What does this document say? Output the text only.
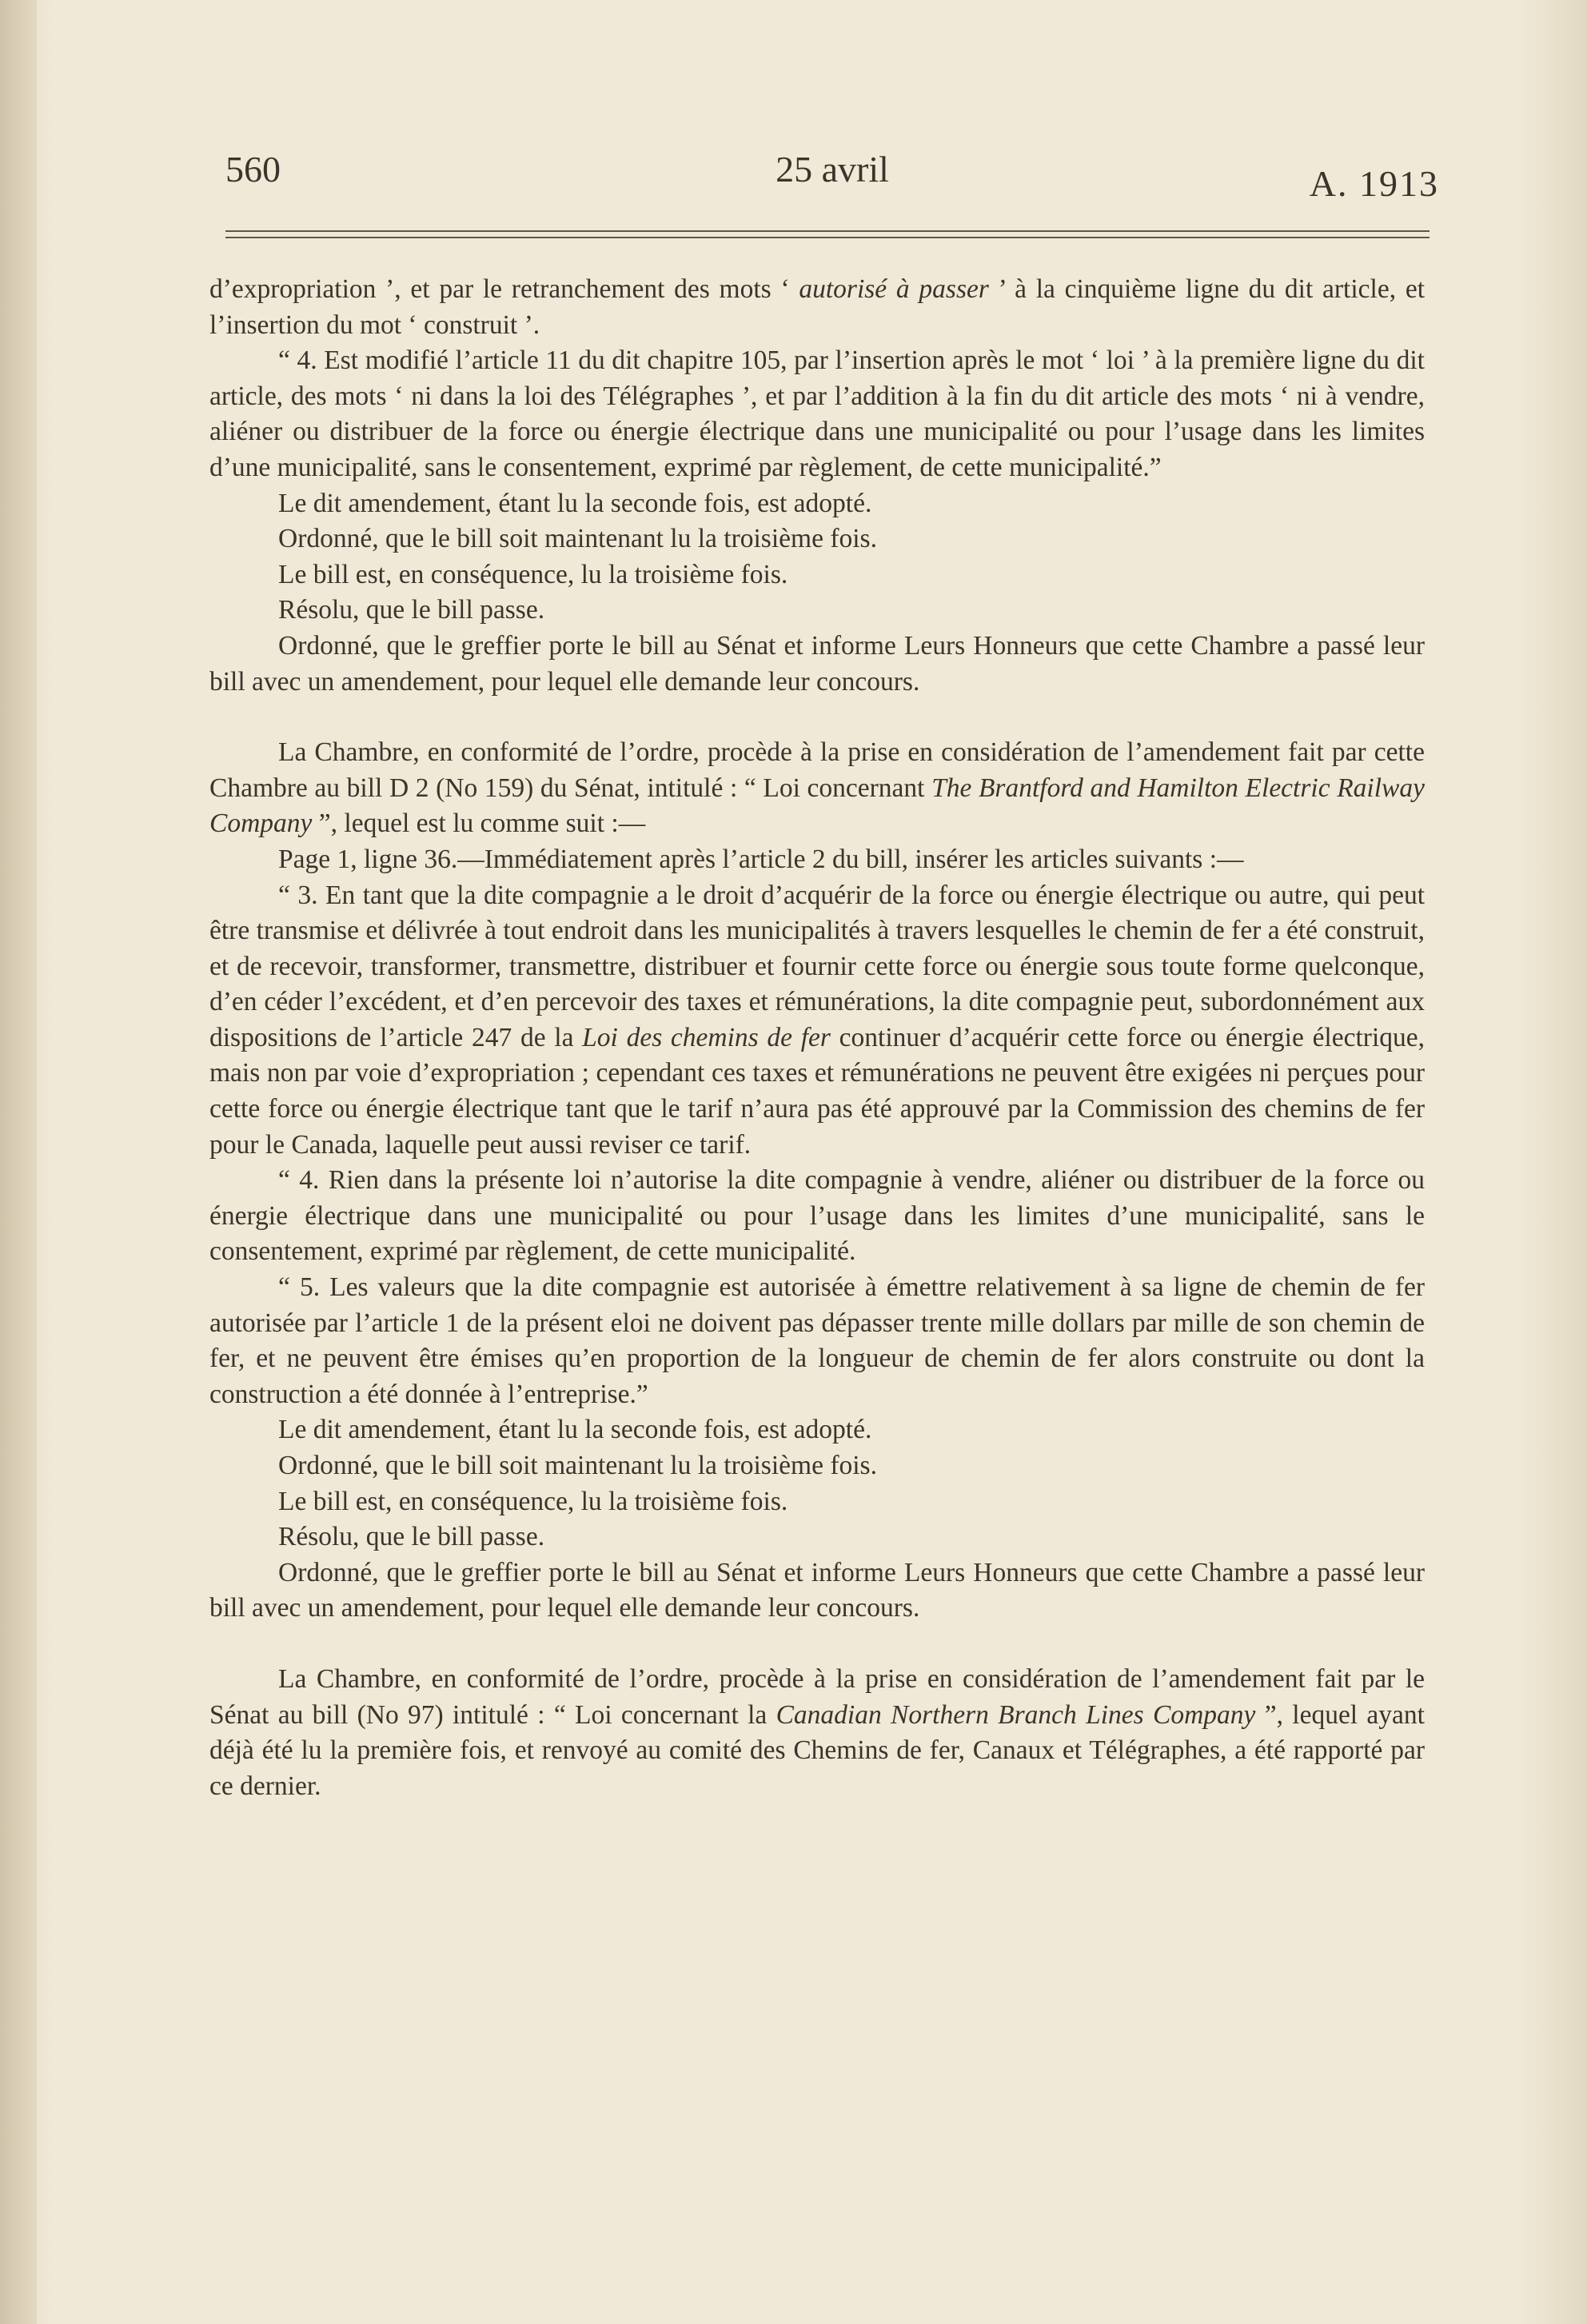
560	25 avril	A. 1913

d’expropriation ’, et par le retranchement des mots ‘ autorisé à passer ’ à la cinquième ligne du dit article, et l’insertion du mot ‘ construit ’.

“ 4. Est modifié l’article 11 du dit chapitre 105, par l’insertion après le mot ‘ loi ’ à la première ligne du dit article, des mots ‘ ni dans la loi des Télégraphes ’, et par l’addition à la fin du dit article des mots ‘ ni à vendre, aliéner ou distribuer de la force ou énergie électrique dans une municipalité ou pour l’usage dans les limites d’une municipalité, sans le consentement, exprimé par règlement, de cette municipalité.”

Le dit amendement, étant lu la seconde fois, est adopté.

Ordonné, que le bill soit maintenant lu la troisième fois.

Le bill est, en conséquence, lu la troisième fois.

Résolu, que le bill passe.

Ordonné, que le greffier porte le bill au Sénat et informe Leurs Honneurs que cette Chambre a passé leur bill avec un amendement, pour lequel elle demande leur concours.

La Chambre, en conformité de l’ordre, procède à la prise en considération de l’amendement fait par cette Chambre au bill D 2 (No 159) du Sénat, intitulé : “ Loi concernant The Brantford and Hamilton Electric Railway Company ”, lequel est lu comme suit :—

Page 1, ligne 36.—Immédiatement après l’article 2 du bill, insérer les articles suivants :—

“ 3. En tant que la dite compagnie a le droit d’acquérir de la force ou énergie électrique ou autre, qui peut être transmise et délivrée à tout endroit dans les municipalités à travers lesquelles le chemin de fer a été construit, et de recevoir, transformer, transmettre, distribuer et fournir cette force ou énergie sous toute forme quelconque, d’en céder l’excédent, et d’en percevoir des taxes et rémunérations, la dite compagnie peut, subordonnément aux dispositions de l’article 247 de la Loi des chemins de fer continuer d’acquérir cette force ou énergie électrique, mais non par voie d’expropriation ; cependant ces taxes et rémunérations ne peuvent être exigées ni perçues pour cette force ou énergie électrique tant que le tarif n’aura pas été approuvé par la Commission des chemins de fer pour le Canada, laquelle peut aussi reviser ce tarif.

“ 4. Rien dans la présente loi n’autorise la dite compagnie à vendre, aliéner ou distribuer de la force ou énergie électrique dans une municipalité ou pour l’usage dans les limites d’une municipalité, sans le consentement, exprimé par règlement, de cette municipalité.

“ 5. Les valeurs que la dite compagnie est autorisée à émettre relativement à sa ligne de chemin de fer autorisée par l’article 1 de la présent eloi ne doivent pas dépasser trente mille dollars par mille de son chemin de fer, et ne peuvent être émises qu’en proportion de la longueur de chemin de fer alors construite ou dont la construction a été donnée à l’entreprise.”

Le dit amendement, étant lu la seconde fois, est adopté.

Ordonné, que le bill soit maintenant lu la troisième fois.

Le bill est, en conséquence, lu la troisième fois.

Résolu, que le bill passe.

Ordonné, que le greffier porte le bill au Sénat et informe Leurs Honneurs que cette Chambre a passé leur bill avec un amendement, pour lequel elle demande leur concours.

La Chambre, en conformité de l’ordre, procède à la prise en considération de l’amendement fait par le Sénat au bill (No 97) intitulé : “ Loi concernant la Canadian Northern Branch Lines Company ”, lequel ayant déjà été lu la première fois, et renvoyé au comité des Chemins de fer, Canaux et Télégraphes, a été rapporté par ce dernier.
